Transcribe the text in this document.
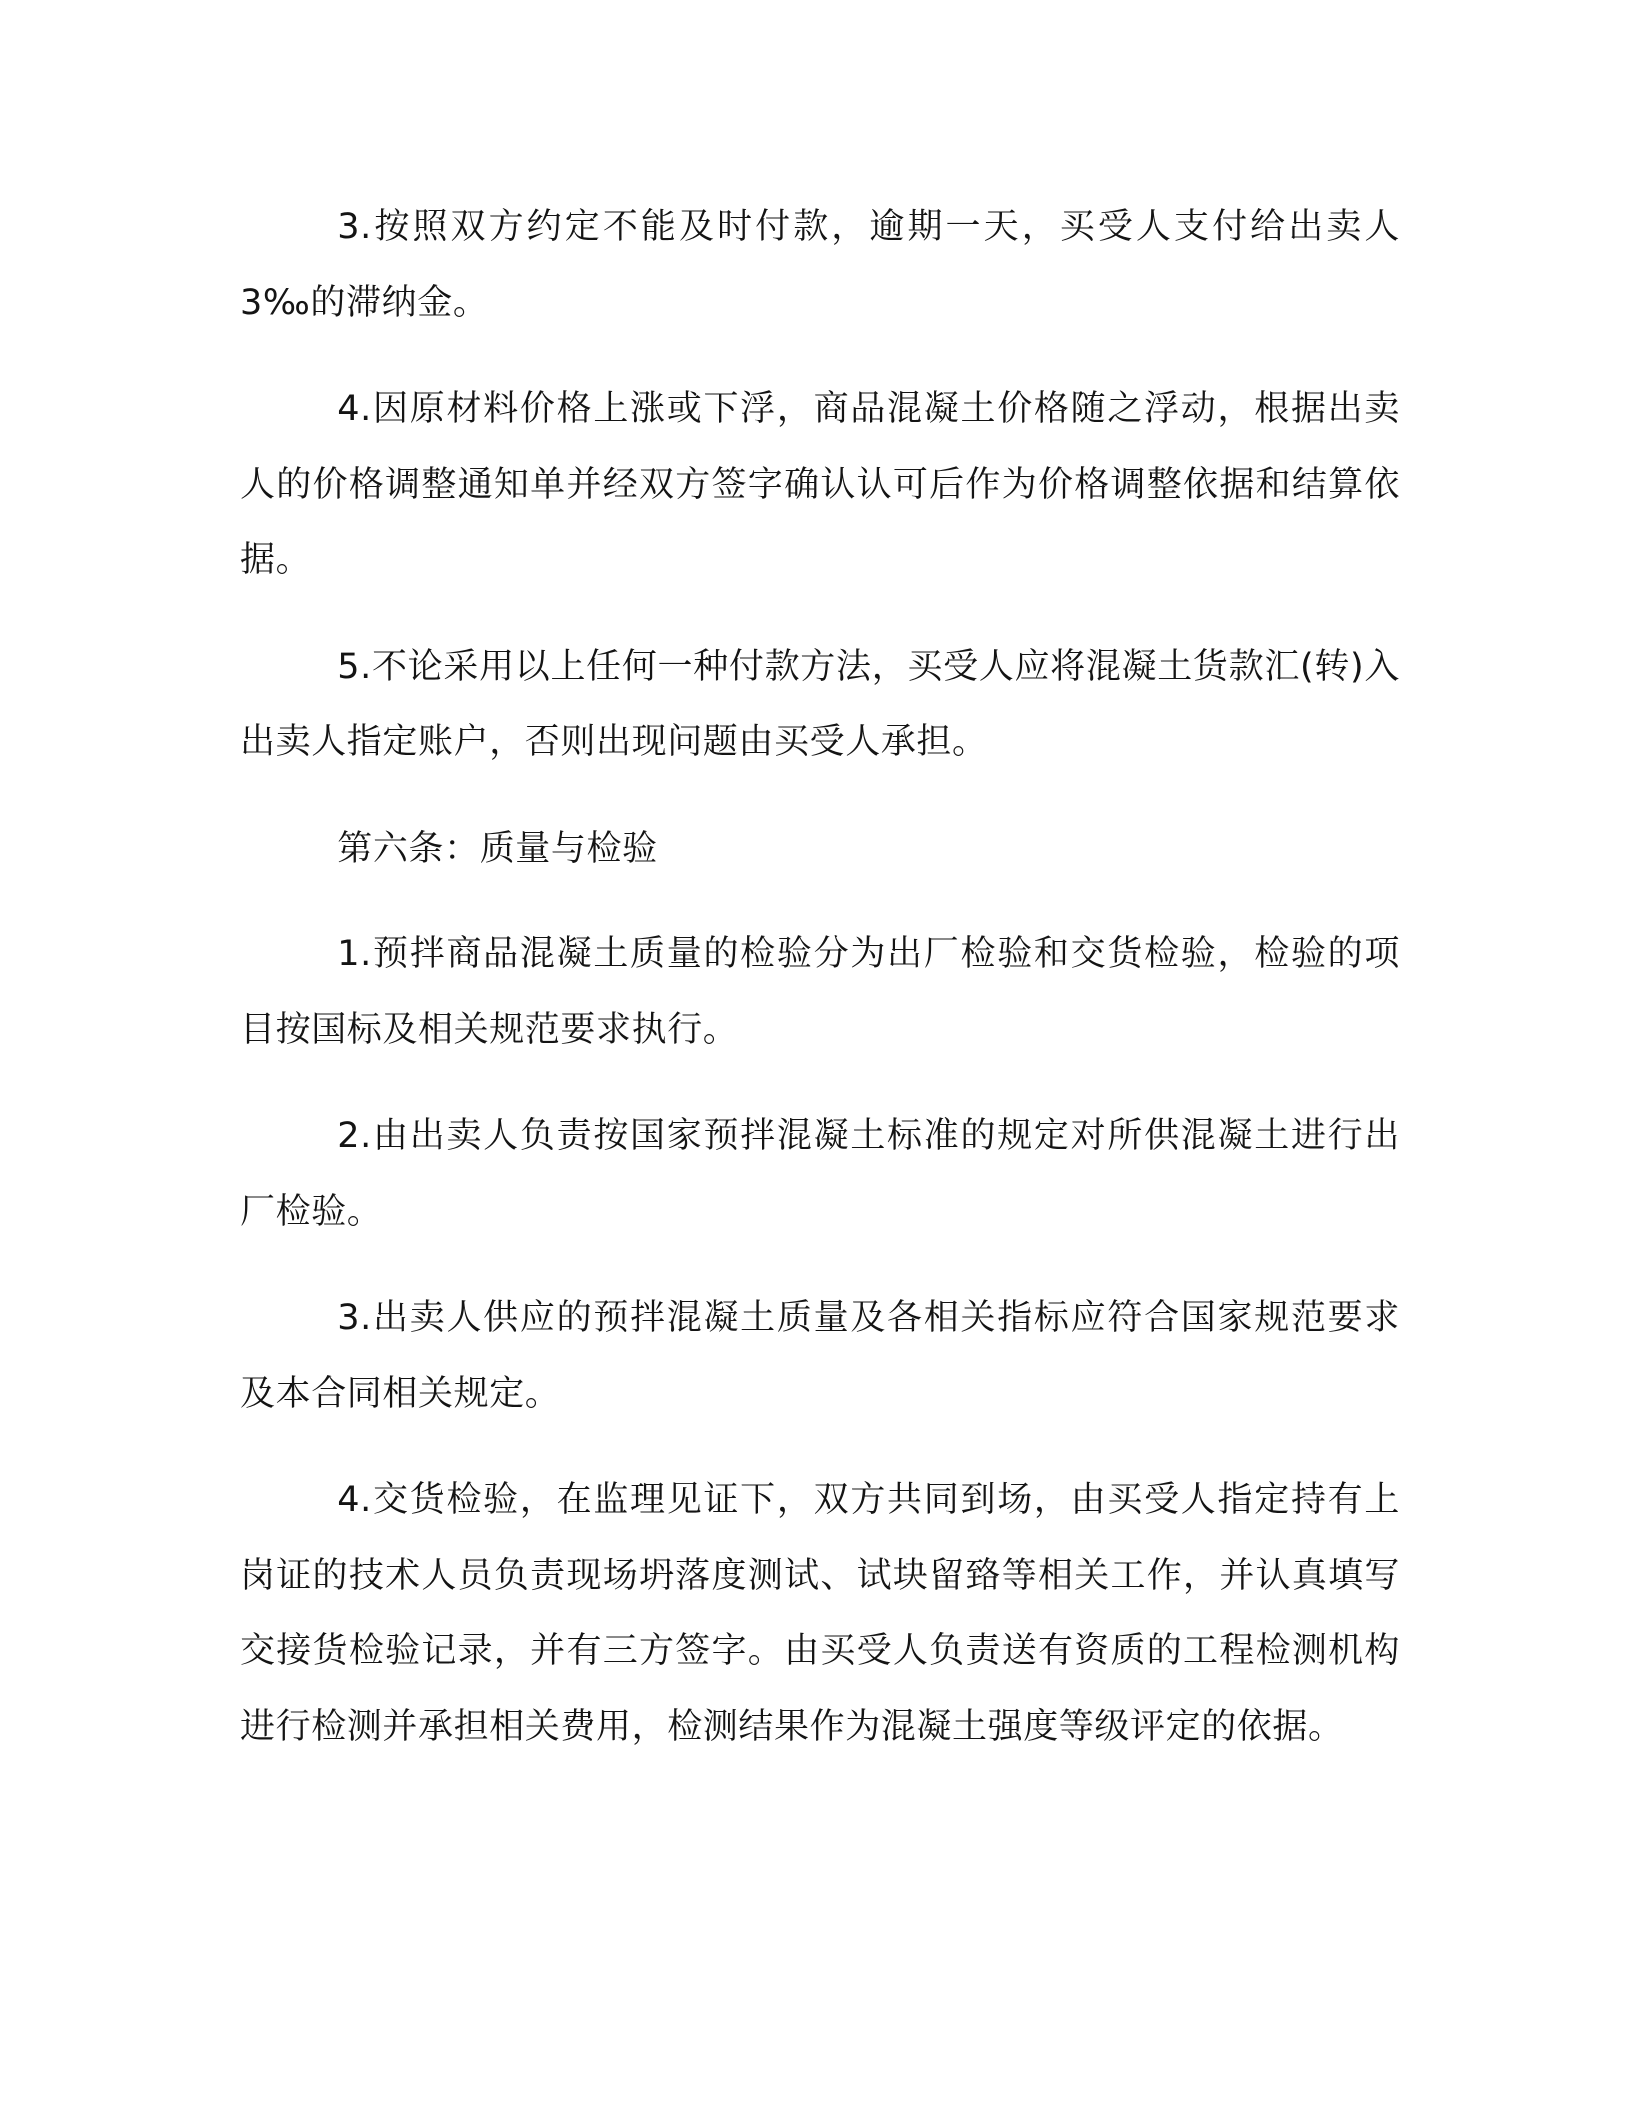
3.按照双方约定不能及时付款，逾期一天，买受人支付给出卖人3‰的滞纳金。

4.因原材料价格上涨或下浮，商品混凝土价格随之浮动，根据出卖人的价格调整通知单并经双方签字确认认可后作为价格调整依据和结算依据。

5.不论采用以上任何一种付款方法，买受人应将混凝土货款汇(转)入出卖人指定账户，否则出现问题由买受人承担。

第六条：质量与检验

1.预拌商品混凝土质量的检验分为出厂检验和交货检验，检验的项目按国标及相关规范要求执行。

2.由出卖人负责按国家预拌混凝土标准的规定对所供混凝土进行出厂检验。

3.出卖人供应的预拌混凝土质量及各相关指标应符合国家规范要求及本合同相关规定。

4.交货检验，在监理见证下，双方共同到场，由买受人指定持有上岗证的技术人员负责现场坍落度测试、试块留臵等相关工作，并认真填写交接货检验记录，并有三方签字。由买受人负责送有资质的工程检测机构进行检测并承担相关费用，检测结果作为混凝土强度等级评定的依据。
